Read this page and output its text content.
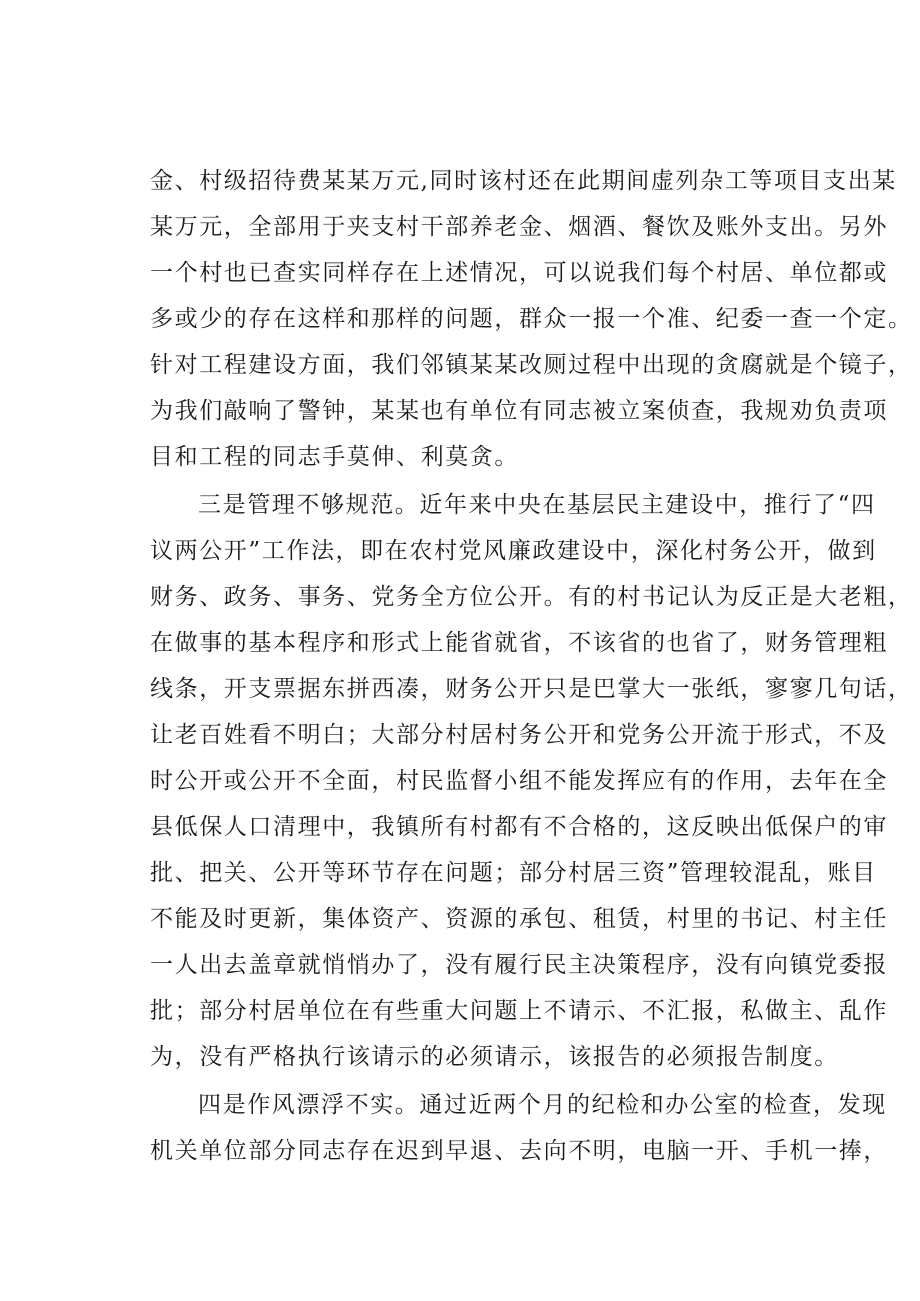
金、村级招待费某某万元,同时该村还在此期间虚列杂工等项目支出某
某万元，全部用于夹支村干部养老金、烟酒、餐饮及账外支出。另外
一个村也已查实同样存在上述情况，可以说我们每个村居、单位都或
多或少的存在这样和那样的问题，群众一报一个准、纪委一查一个定。
针对工程建设方面，我们邻镇某某改厕过程中出现的贪腐就是个镜子，
为我们敲响了警钟，某某也有单位有同志被立案侦查，我规劝负责项
目和工程的同志手莫伸、利莫贪。
三是管理不够规范。近年来中央在基层民主建设中，推行了“四
议两公开”工作法，即在农村党风廉政建设中，深化村务公开，做到
财务、政务、事务、党务全方位公开。有的村书记认为反正是大老粗，
在做事的基本程序和形式上能省就省，不该省的也省了，财务管理粗
线条，开支票据东拼西凑，财务公开只是巴掌大一张纸，寥寥几句话，
让老百姓看不明白；大部分村居村务公开和党务公开流于形式，不及
时公开或公开不全面，村民监督小组不能发挥应有的作用，去年在全
县低保人口清理中，我镇所有村都有不合格的，这反映出低保户的审
批、把关、公开等环节存在问题；部分村居三资”管理较混乱，账目
不能及时更新，集体资产、资源的承包、租赁，村里的书记、村主任
一人出去盖章就悄悄办了，没有履行民主决策程序，没有向镇党委报
批；部分村居单位在有些重大问题上不请示、不汇报，私做主、乱作
为，没有严格执行该请示的必须请示，该报告的必须报告制度。
四是作风漂浮不实。通过近两个月的纪检和办公室的检查，发现
机关单位部分同志存在迟到早退、去向不明，电脑一开、手机一捧，
